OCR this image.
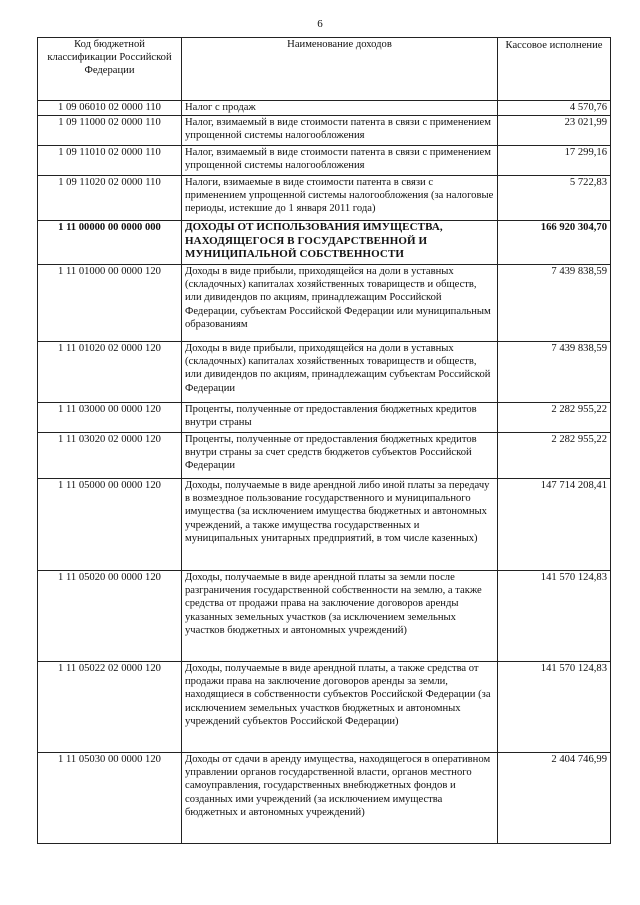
6
Код бюджетной классификации Российской Федерации	Наименование доходов	Кассовое исполнение
1 09 06010 02 0000 110	Налог с продаж	4 570,76
1 09 11000 02 0000 110	Налог, взимаемый в виде стоимости патента в связи с применением упрощенной системы налогообложения	23 021,99
1 09 11010 02 0000 110	Налог, взимаемый в виде стоимости патента в связи с применением упрощенной системы налогообложения	17 299,16
1 09 11020 02 0000 110	Налоги, взимаемые в виде стоимости патента в связи с применением упрощенной системы налогообложения (за налоговые периоды, истекшие до 1 января 2011 года)	5 722,83
1 11 00000 00 0000 000	ДОХОДЫ ОТ ИСПОЛЬЗОВАНИЯ ИМУЩЕСТВА, НАХОДЯЩЕГОСЯ В ГОСУДАРСТВЕННОЙ И МУНИЦИПАЛЬНОЙ СОБСТВЕННОСТИ	166 920 304,70
1 11 01000 00 0000 120	Доходы в виде прибыли, приходящейся на доли в уставных (складочных) капиталах хозяйственных товариществ и обществ, или дивидендов по акциям, принадлежащим Российской Федерации, субъектам Российской Федерации или муниципальным образованиям	7 439 838,59
1 11 01020 02 0000 120	Доходы в виде прибыли, приходящейся на доли в уставных (складочных) капиталах хозяйственных товариществ и обществ, или дивидендов по акциям, принадлежащим субъектам Российской Федерации	7 439 838,59
1 11 03000 00 0000 120	Проценты, полученные от предоставления бюджетных кредитов внутри страны	2 282 955,22
1 11 03020 02 0000 120	Проценты, полученные от предоставления бюджетных кредитов внутри страны за счет средств бюджетов субъектов Российской Федерации	2 282 955,22
1 11 05000 00 0000 120	Доходы, получаемые в виде арендной либо иной платы за передачу в возмездное пользование государственного и муниципального имущества (за исключением имущества бюджетных и автономных учреждений, а также имущества государственных и муниципальных унитарных предприятий, в том числе казенных)	147 714 208,41
1 11 05020 00 0000 120	Доходы, получаемые в виде арендной платы за земли после разграничения государственной собственности на землю, а также средства от продажи права на заключение договоров аренды указанных земельных участков (за исключением земельных участков бюджетных и автономных учреждений)	141 570 124,83
1 11 05022 02 0000 120	Доходы, получаемые в виде арендной платы, а также средства от продажи права на заключение договоров аренды за земли, находящиеся в собственности субъектов Российской Федерации (за исключением земельных участков бюджетных и автономных учреждений субъектов Российской Федерации)	141 570 124,83
1 11 05030 00 0000 120	Доходы от сдачи в аренду имущества, находящегося в оперативном управлении органов государственной власти, органов местного самоуправления, государственных внебюджетных фондов и созданных ими учреждений (за исключением имущества бюджетных и автономных учреждений)	2 404 746,99
